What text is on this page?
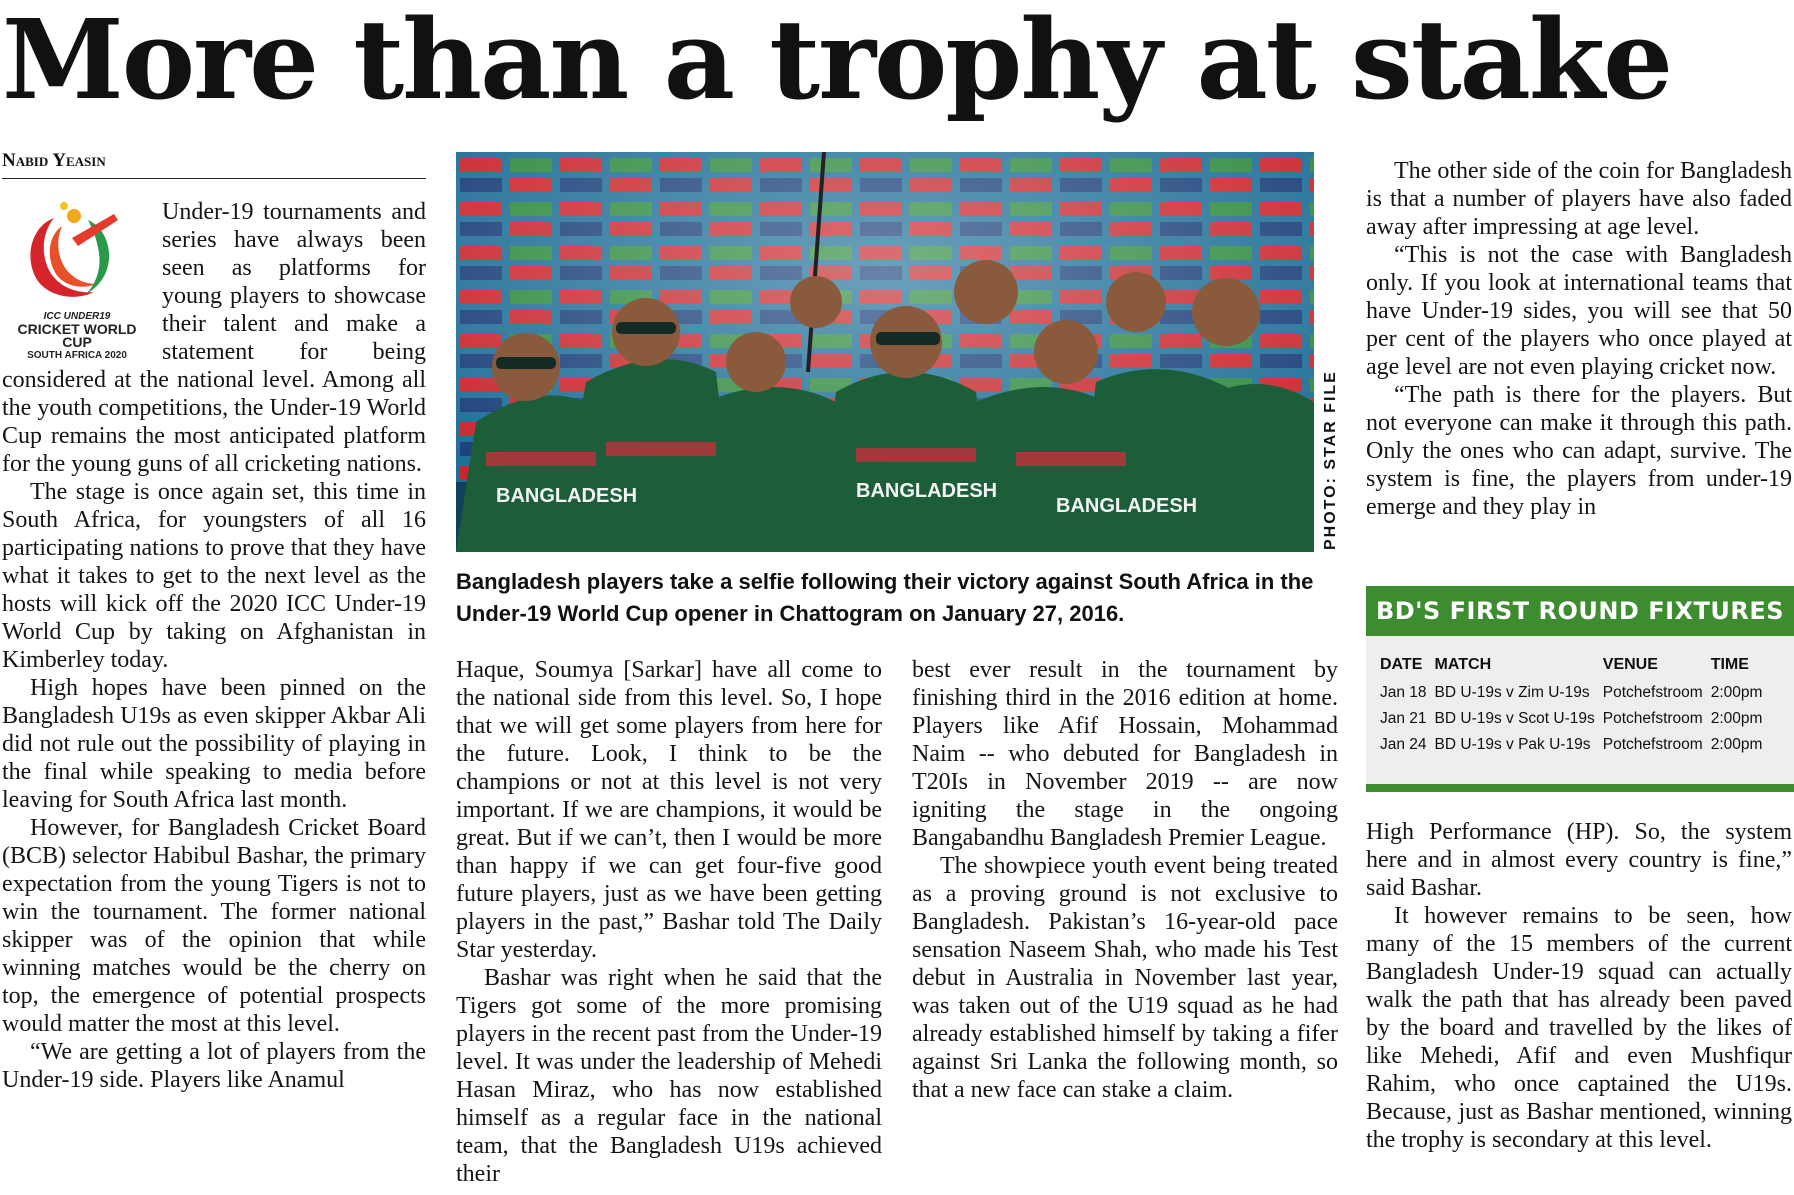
More than a trophy at stake
Nabid Yeasin
ICC UNDER19
CRICKET WORLD CUP
SOUTH AFRICA 2020

Under-19 tournaments and series have always been seen as platforms for young players to showcase their talent and make a statement for being considered at the national level. Among all the youth competitions, the Under-19 World Cup remains the most anticipated platform for the young guns of all cricketing nations.

The stage is once again set, this time in South Africa, for youngsters of all 16 participating nations to prove that they have what it takes to get to the next level as the hosts will kick off the 2020 ICC Under-19 World Cup by taking on Afghanistan in Kimberley today.

High hopes have been pinned on the Bangladesh U19s as even skipper Akbar Ali did not rule out the possibility of playing in the final while speaking to media before leaving for South Africa last month.

However, for Bangladesh Cricket Board (BCB) selector Habibul Bashar, the primary expectation from the young Tigers is not to win the tournament. The former national skipper was of the opinion that while winning matches would be the cherry on top, the emergence of potential prospects would matter the most at this level.

“We are getting a lot of players from the Under-19 side. Players like Anamul

BANGLADESH	BANGLADESH
BANGLADESH	PHOTO: STAR FILE
Bangladesh players take a selfie following their victory against South Africa in the Under-19 World Cup opener in Chattogram on January 27, 2016.

Haque, Soumya [Sarkar] have all come to the national side from this level. So, I hope that we will get some players from here for the future. Look, I think to be the champions or not at this level is not very important. If we are champions, it would be great. But if we can’t, then I would be more than happy if we can get four-five good future players, just as we have been getting players in the past,” Bashar told The Daily Star yesterday.

Bashar was right when he said that the Tigers got some of the more promising players in the recent past from the Under-19 level. It was under the leadership of Mehedi Hasan Miraz, who has now established himself as a regular face in the national team, that the Bangladesh U19s achieved their

best ever result in the tournament by finishing third in the 2016 edition at home. Players like Afif Hossain, Mohammad Naim -- who debuted for Bangladesh in T20Is in November 2019 -- are now igniting the stage in the ongoing Bangabandhu Bangladesh Premier League.

The showpiece youth event being treated as a proving ground is not exclusive to Bangladesh. Pakistan’s 16-year-old pace sensation Naseem Shah, who made his Test debut in Australia in November last year, was taken out of the U19 squad as he had already established himself by taking a fifer against Sri Lanka the following month, so that a new face can stake a claim.

The other side of the coin for Bangladesh is that a number of players have also faded away after impressing at age level.

“This is not the case with Bangladesh only. If you look at international teams that have Under-19 sides, you will see that 50 per cent of the players who once played at age level are not even playing cricket now.

“The path is there for the players. But not everyone can make it through this path. Only the ones who can adapt, survive. The system is fine, the players from under-19 emerge and they play in

BD'S FIRST ROUND FIXTURES
DATE	MATCH	VENUE	TIME
Jan 18	BD U-19s v Zim U-19s	Potchefstroom	2:00pm
Jan 21	BD U-19s v Scot U-19s	Potchefstroom	2:00pm
Jan 24	BD U-19s v Pak U-19s	Potchefstroom	2:00pm

High Performance (HP). So, the system here and in almost every country is fine,” said Bashar.

It however remains to be seen, how many of the 15 members of the current Bangladesh Under-19 squad can actually walk the path that has already been paved by the board and travelled by the likes of like Mehedi, Afif and even Mushfiqur Rahim, who once captained the U19s. Because, just as Bashar mentioned, winning the trophy is secondary at this level.
